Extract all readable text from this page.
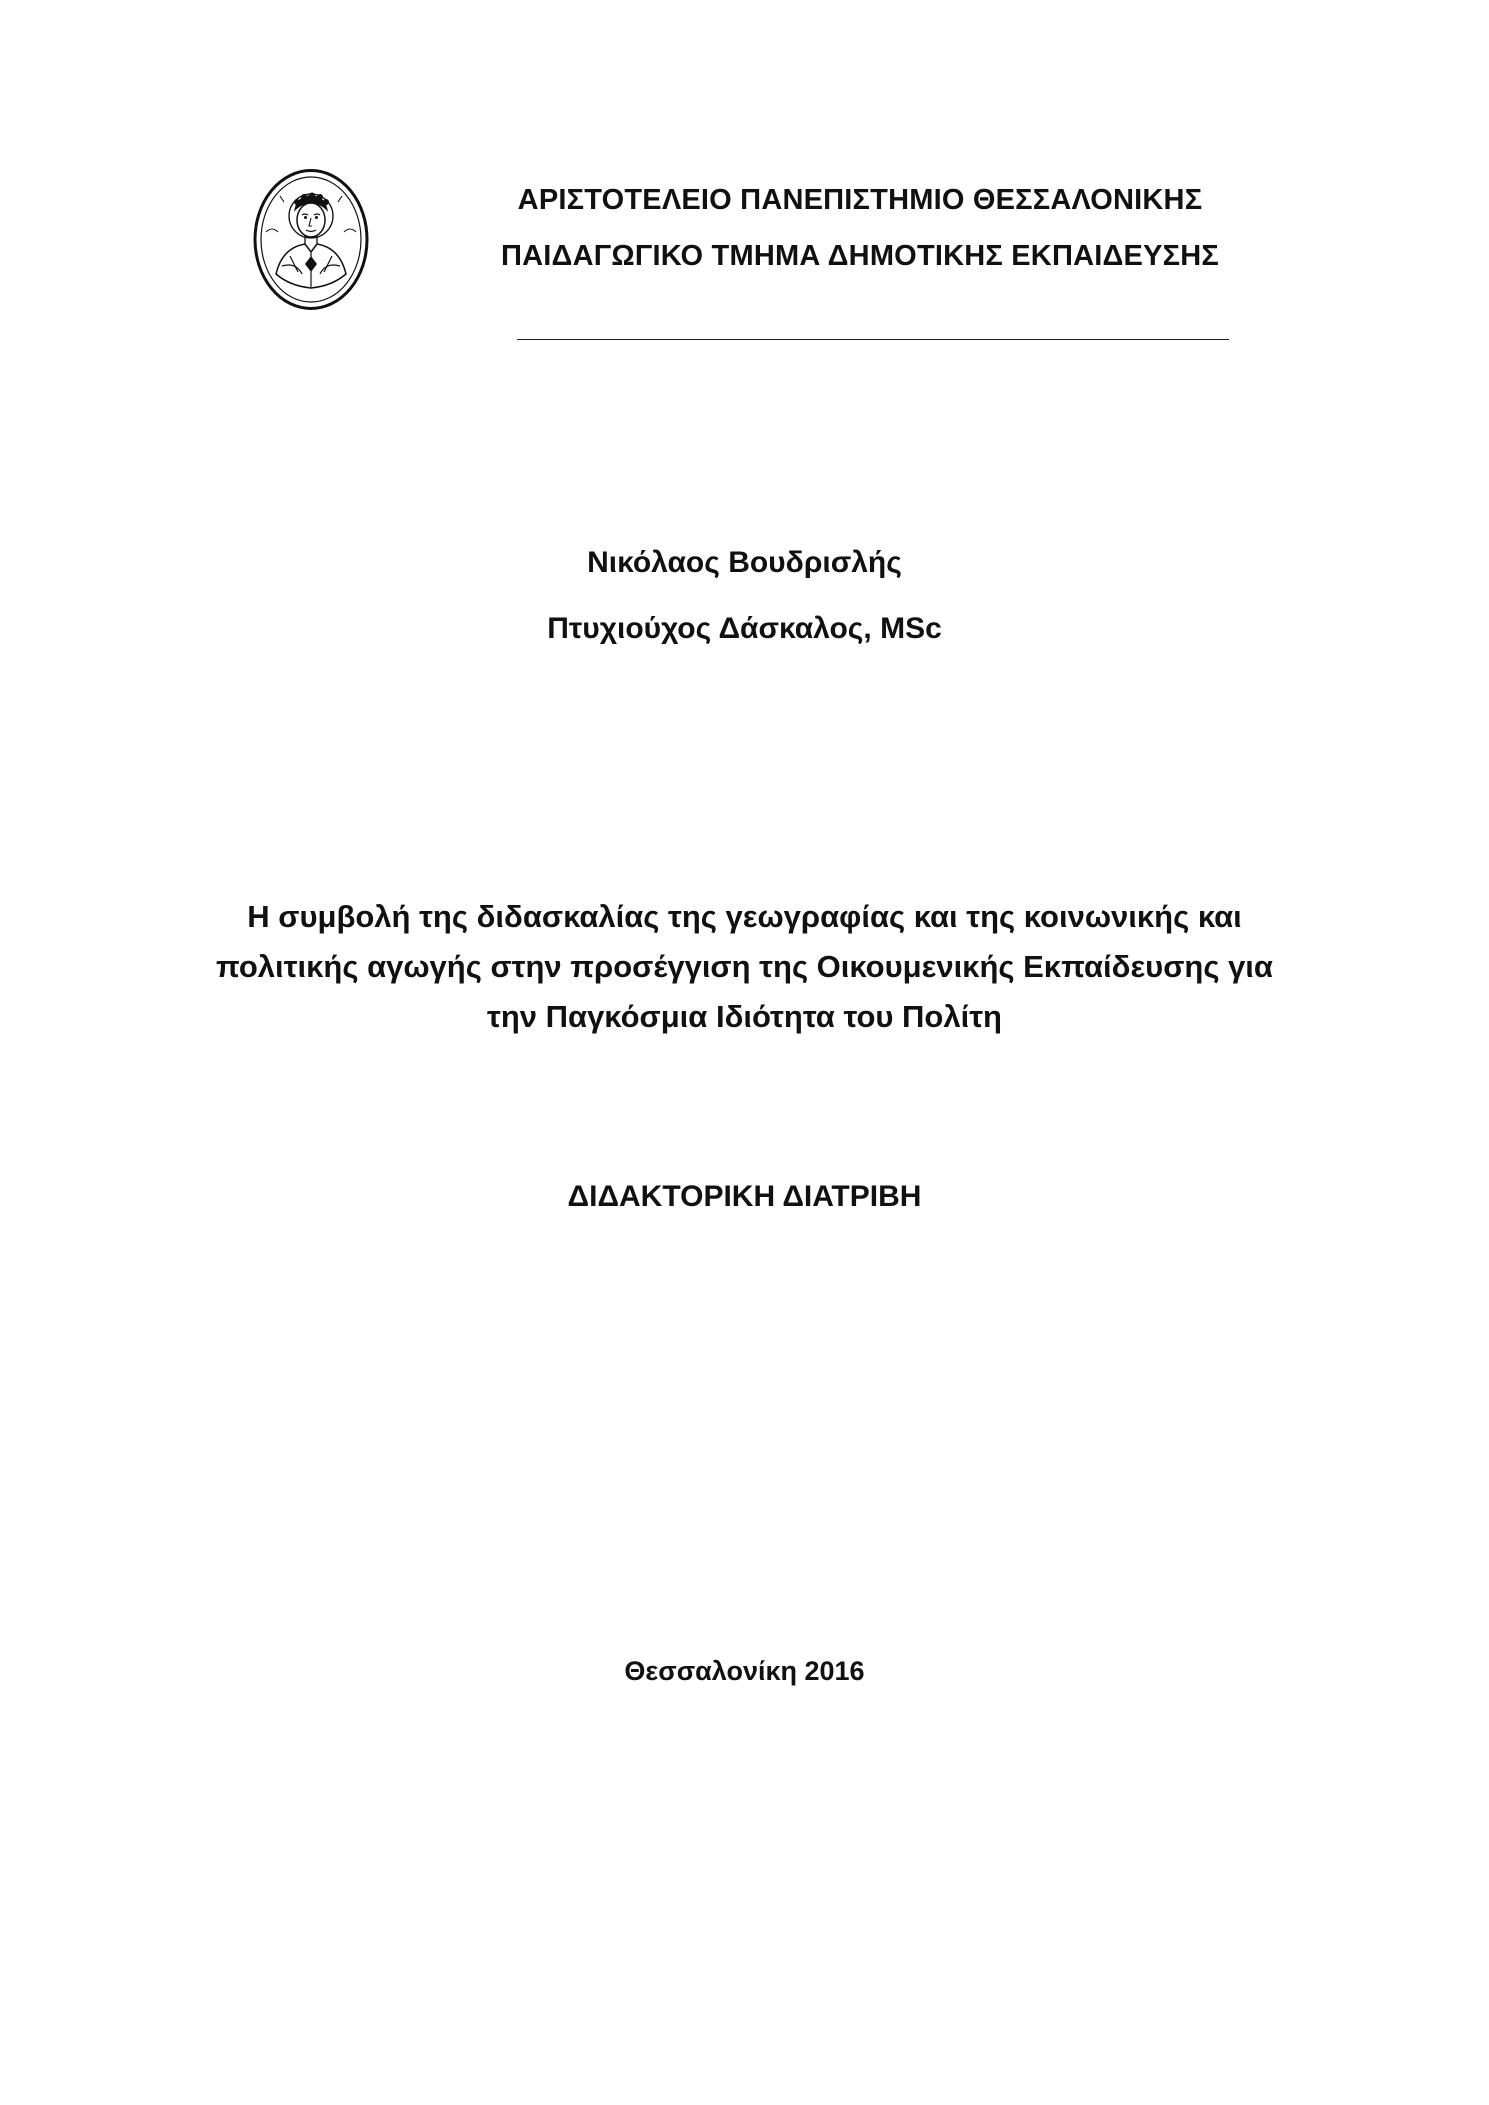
ΑΡΙΣΤΟΤΕΛΕΙΟ ΠΑΝΕΠΙΣΤΗΜΙΟ ΘΕΣΣΑΛΟΝΙΚΗΣ
ΠΑΙΔΑΓΩΓΙΚΟ ΤΜΗΜΑ ΔΗΜΟΤΙΚΗΣ ΕΚΠΑΙΔΕΥΣΗΣ
Νικόλαος Βουδρισλής
Πτυχιούχος Δάσκαλος, MSc
Η συμβολή της διδασκαλίας της γεωγραφίας και της κοινωνικής και
πολιτικής αγωγής στην προσέγγιση της Οικουμενικής Εκπαίδευσης για
την Παγκόσμια Ιδιότητα του Πολίτη
ΔΙΔΑΚΤΟΡΙΚΗ ΔΙΑΤΡΙΒΗ
Θεσσαλονίκη 2016
